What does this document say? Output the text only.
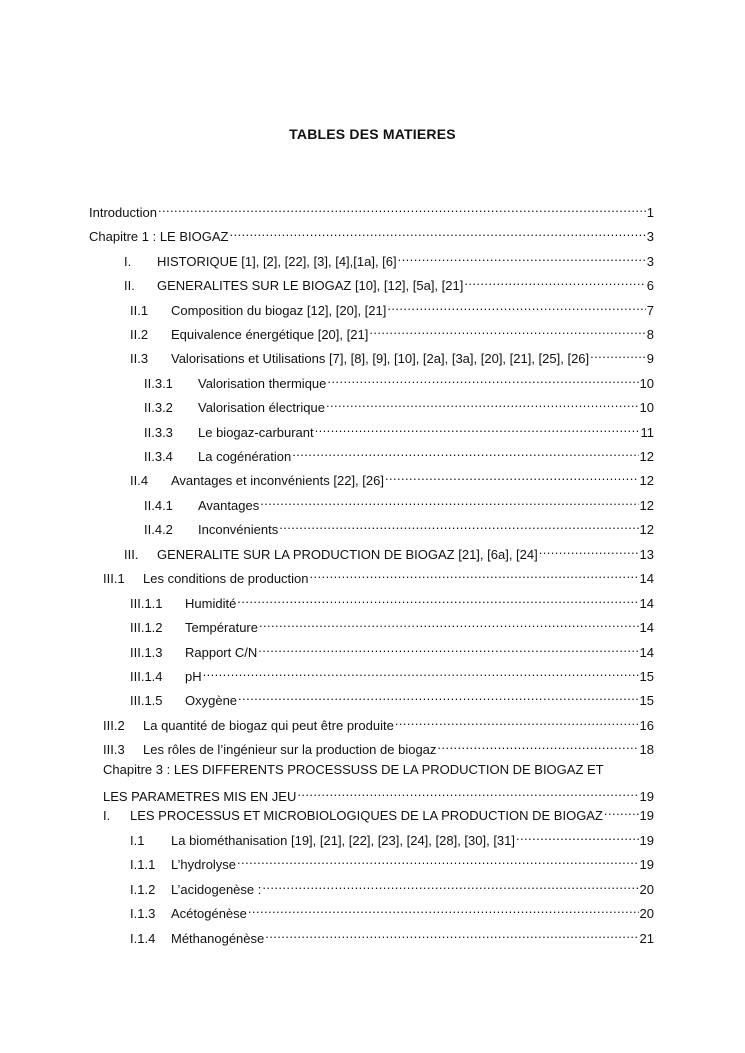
TABLES DES MATIERES
Introduction .....	1
Chapitre 1 : LE BIOGAZ .....	3
I.	HISTORIQUE [1], [2], [22], [3], [4],[1a], [6] .....	3
II.	GENERALITES SUR LE BIOGAZ [10], [12], [5a], [21] .....	6
II.1	Composition du biogaz [12], [20], [21] .....	7
II.2	Equivalence énergétique [20], [21] .....	8
II.3	Valorisations et Utilisations [7], [8], [9], [10], [2a], [3a], [20], [21], [25], [26] .....	9
II.3.1	Valorisation thermique .....	10
II.3.2	Valorisation électrique .....	10
II.3.3	Le biogaz-carburant .....	11
II.3.4	La cogénération .....	12
II.4	Avantages et inconvénients [22], [26] .....	12
II.4.1	Avantages .....	12
II.4.2	Inconvénients .....	12
III.	GENERALITE SUR LA PRODUCTION DE BIOGAZ [21], [6a], [24] .....	13
III.1	Les conditions de production .....	14
III.1.1	Humidité .....	14
III.1.2	Température .....	14
III.1.3	Rapport C/N .....	14
III.1.4	pH .....	15
III.1.5	Oxygène .....	15
III.2	La quantité de biogaz qui peut être produite .....	16
III.3	Les rôles de l’ingénieur sur la production de biogaz .....	18
Chapitre 3 : LES DIFFERENTS PROCESSUSS DE LA PRODUCTION DE BIOGAZ ET
LES PARAMETRES MIS EN JEU .....	19
I.	LES PROCESSUS ET MICROBIOLOGIQUES DE LA PRODUCTION DE BIOGAZ .....	19
I.1	La biométhanisation [19], [21], [22], [23], [24], [28], [30], [31] .....	19
I.1.1	L’hydrolyse .....	19
I.1.2	L’acidogenèse : .....	20
I.1.3	Acétogénèse .....	20
I.1.4	Méthanogénèse .....	21
